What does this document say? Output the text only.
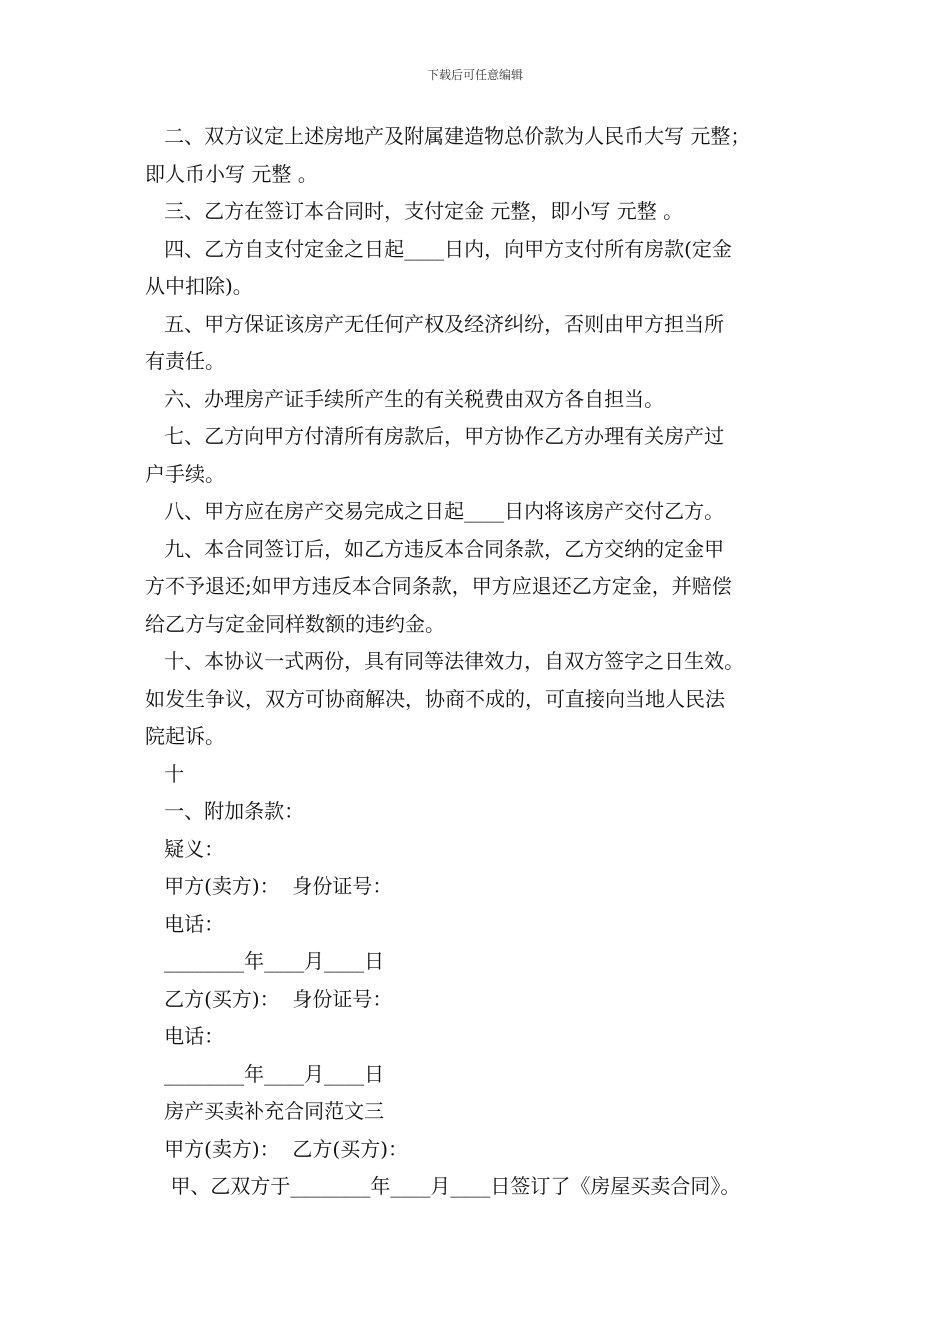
下载后可任意编辑

二、双方议定上述房地产及附属建造物总价款为人民币大写 元整；

即人币小写 元整 。

三、乙方在签订本合同时，支付定金 元整，即小写 元整 。

四、乙方自支付定金之日起____日内，向甲方支付所有房款(定金

从中扣除)。

五、甲方保证该房产无任何产权及经济纠纷，否则由甲方担当所

有责任。

六、办理房产证手续所产生的有关税费由双方各自担当。

七、乙方向甲方付清所有房款后，甲方协作乙方办理有关房产过

户手续。

八、甲方应在房产交易完成之日起____日内将该房产交付乙方。

九、本合同签订后，如乙方违反本合同条款，乙方交纳的定金甲

方不予退还;如甲方违反本合同条款，甲方应退还乙方定金，并赔偿

给乙方与定金同样数额的违约金。

十、本协议一式两份，具有同等法律效力，自双方签字之日生效。

如发生争议，双方可协商解决，协商不成的，可直接向当地人民法

院起诉。

十

一、附加条款：

疑义：

甲方(卖方)：  身份证号：

电话：

________年____月____日

乙方(买方)：  身份证号：

电话：

________年____月____日

房产买卖补充合同范文三

甲方(卖方)：  乙方(买方)：

甲、乙双方于________年____月____日签订了《房屋买卖合同》。
